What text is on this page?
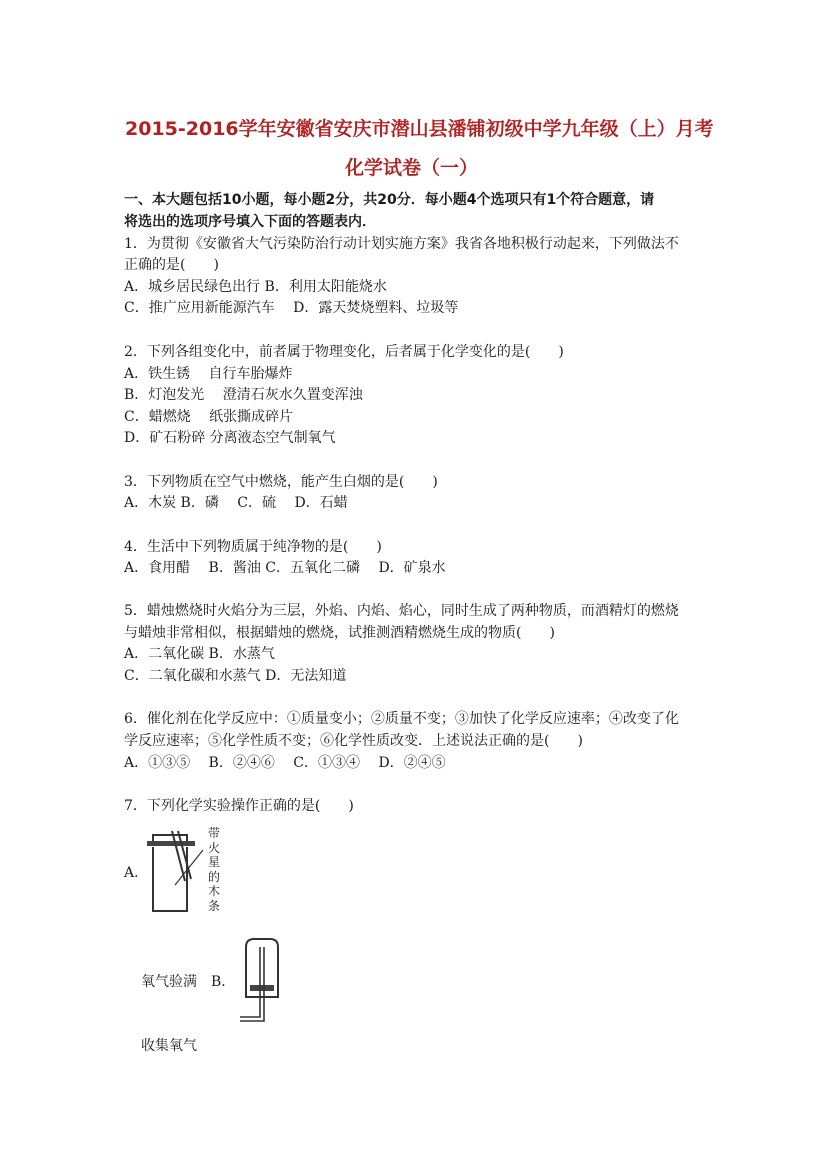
2015-2016学年安徽省安庆市潜山县潘铺初级中学九年级（上）月考
化学试卷（一）
一、本大题包括10小题，每小题2分，共20分．每小题4个选项只有1个符合题意，请
将选出的选项序号填入下面的答题表内．
1．为贯彻《安徽省大气污染防治行动计划实施方案》我省各地积极行动起来，下列做法不
正确的是(　　)
A．城乡居民绿色出行 B．利用太阳能烧水
C．推广应用新能源汽车　 D．露天焚烧塑料、垃圾等
2．下列各组变化中，前者属于物理变化，后者属于化学变化的是(　　)
A．铁生锈　 自行车胎爆炸
B．灯泡发光　 澄清石灰水久置变浑浊
C．蜡燃烧　 纸张撕成碎片
D．矿石粉碎 分离液态空气制氧气
3．下列物质在空气中燃烧，能产生白烟的是(　　)
A．木炭 B．磷　 C．硫　 D．石蜡
4．生活中下列物质属于纯净物的是(　　)
A．食用醋　 B．酱油 C．五氧化二磷　 D．矿泉水
5．蜡烛燃烧时火焰分为三层，外焰、内焰、焰心，同时生成了两种物质，而酒精灯的燃烧
与蜡烛非常相似，根据蜡烛的燃烧，试推测酒精燃烧生成的物质(　　)
A．二氧化碳 B．水蒸气
C．二氧化碳和水蒸气 D．无法知道
6．催化剂在化学反应中：①质量变小；②质量不变；③加快了化学反应速率；④改变了化
学反应速率；⑤化学性质不变；⑥化学性质改变．上述说法正确的是(　　)
A．①③⑤　 B．②④⑥　 C．①③④　 D．②④⑤
7．下列化学实验操作正确的是(　　)
A．
带
火
星
的
木
条
氧气验满 B．
收集氧气
